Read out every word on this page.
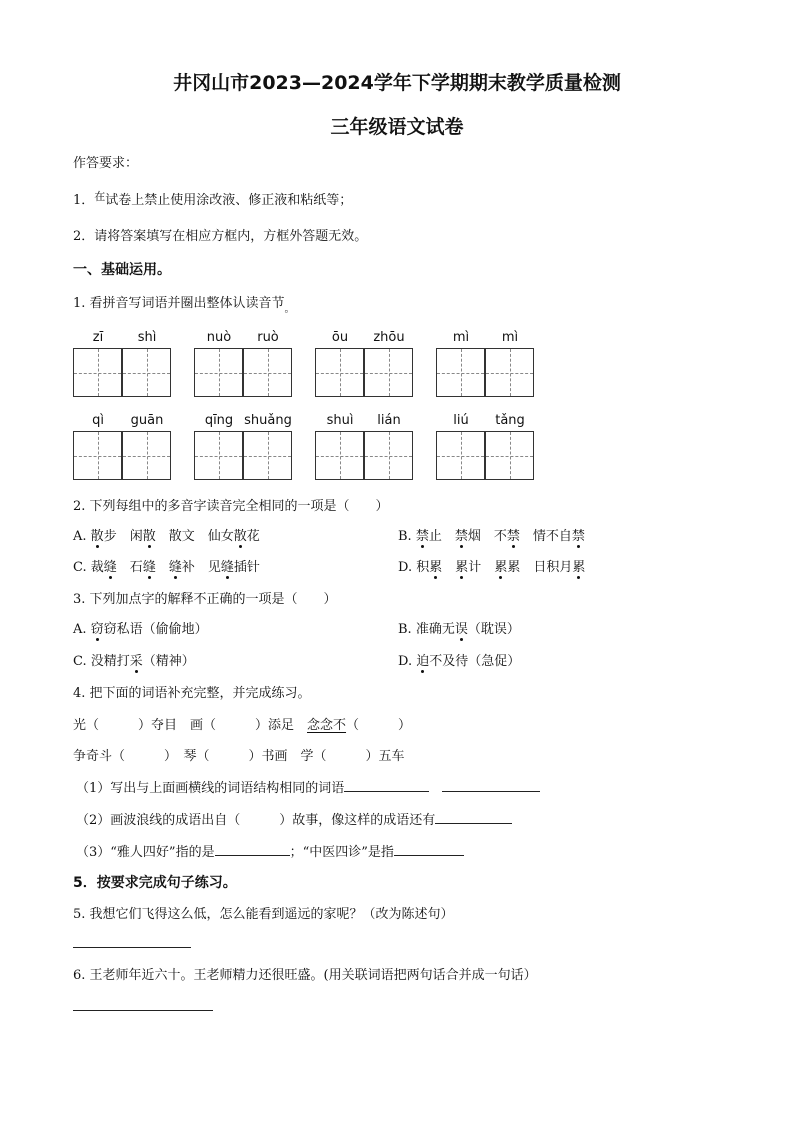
井冈山市2023—2024学年下学期期末教学质量检测
三年级语文试卷
作答要求：
1．$^在$试卷上禁止使用涂改液、修正液和粘纸等；
2．请将答案填写在相应方框内，方框外答题无效。
一、基础运用。
1. 看拼音写词语并圈出整体认读音节$_。$
zī	shì	nuò	ruò	ōu	zhōu	mì	mì
qì	guān	qīng shuǎng	shuì	lián	liú	tǎng
2. 下列每组中的多音字读音完全相同的一项是（　　）
A. 散步　闲散　散文　仙女散花	B. 禁止　禁烟　不禁　情不自禁
C. 裁缝　石缝　 缝补　见缝插针	D. 积累　 累计　累累　日积月累
3. 下列加点字的解释不正确的一项是（　　）
A. 窃窃私语（偷偷地）	B. 准确无误（耽误）
C. 没精打采（精神）	D. 迫不及待（急促）
4. 把下面的词语补充完整，并完成练习。
光（　　　）夺目　画（　　　）添足　念念不（　　　）
争奇斗（　　　）　琴（　　　）书画　学（　　　）五车
（1）写出与上面画横线的词语结构相同的词语
（2）画波浪线的成语出自（　　　）故事，像这样的成语还有
（3）“雅人四好”指的是	；“中医四诊”是指
5．按要求完成句子练习。
5. 我想它们飞得这么低，怎么能看到遥远的家呢？（改为陈述句）
6. 王老师年近六十。王老师精力还很旺盛。(用关联词语把两句话合并成一句话）
